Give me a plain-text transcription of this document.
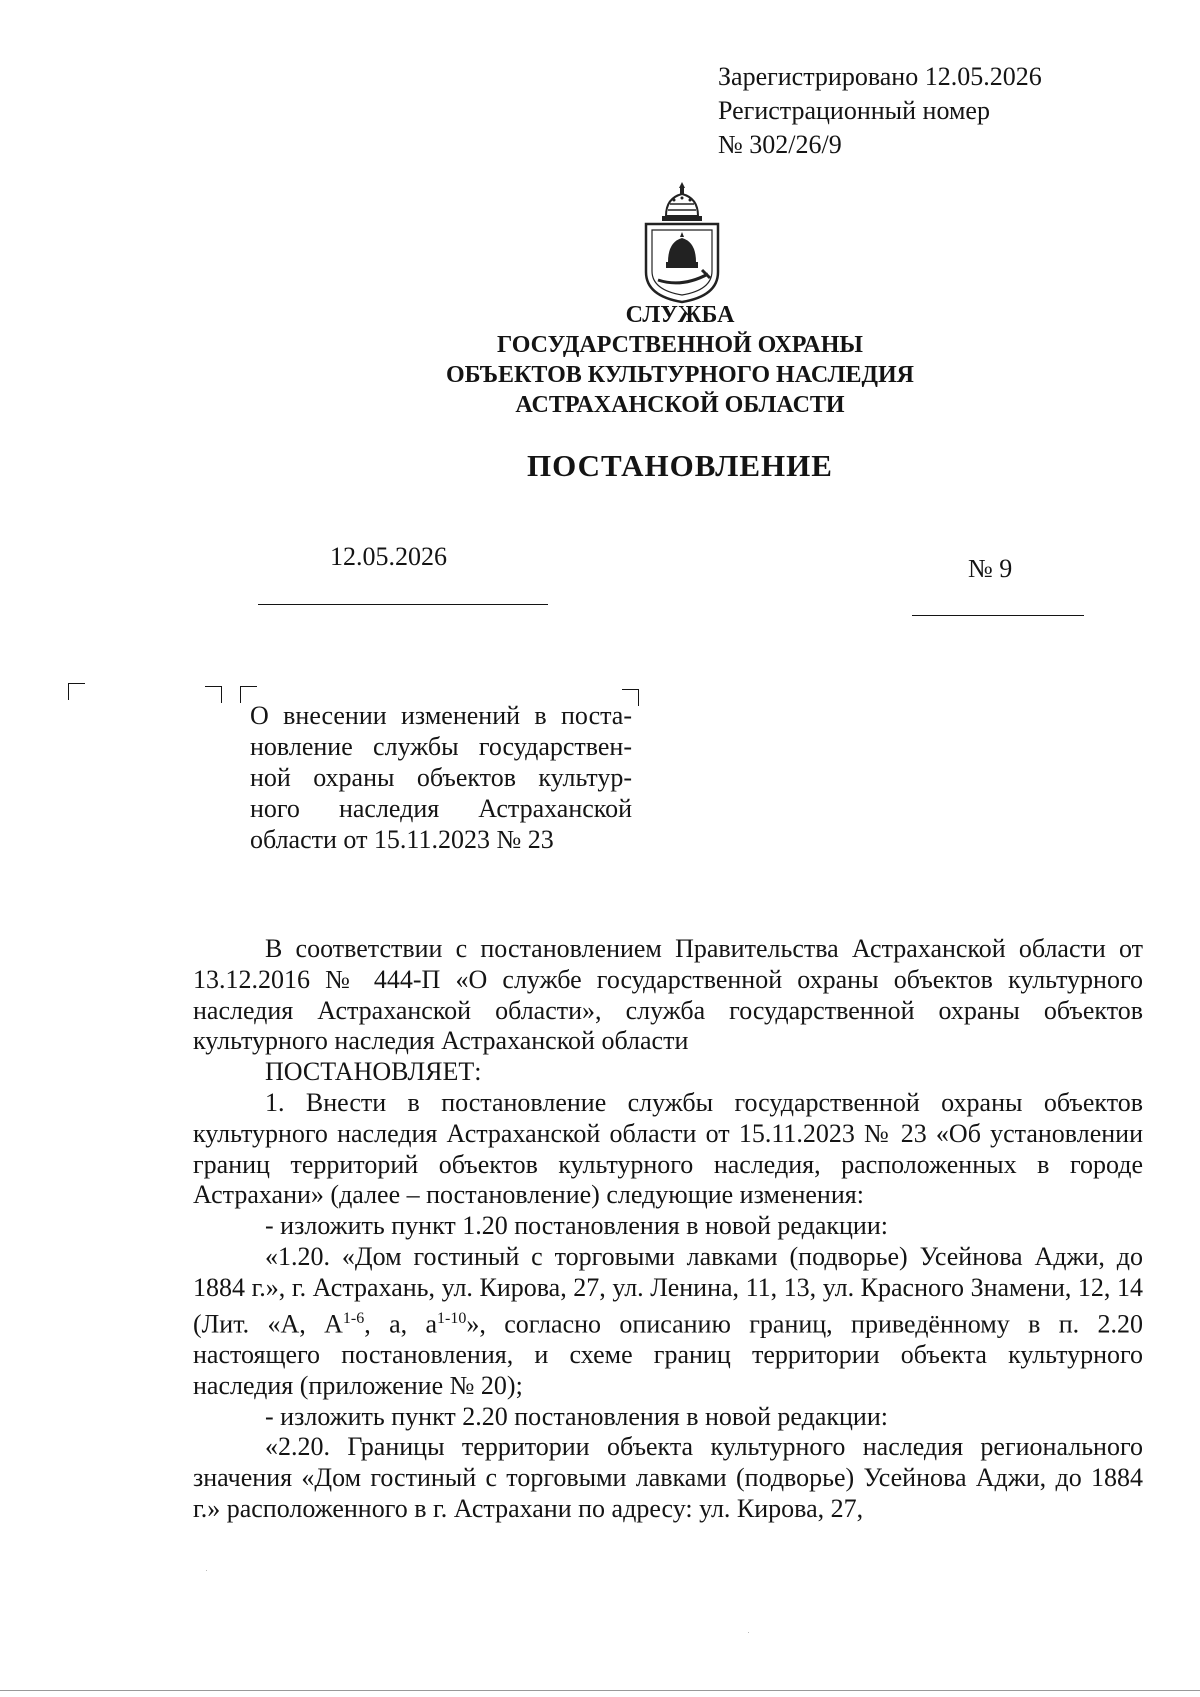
Зарегистрировано 12.05.2026
Регистрационный номер
№ 302/26/9
СЛУЖБА
ГОСУДАРСТВЕННОЙ ОХРАНЫ
ОБЪЕКТОВ КУЛЬТУРНОГО НАСЛЕДИЯ
АСТРАХАНСКОЙ ОБЛАСТИ
ПОСТАНОВЛЕНИЕ
12.05.2026	№ 9
О внесении изменений в поста-
новление службы государствен-
ной охраны объектов культур-
ного наследия Астраханской
области от 15.11.2023 № 23

В соответствии с постановлением Правительства Астраханской области от 13.12.2016 № 444-П «О службе государственной охраны объектов культурного наследия Астраханской области», служба государственной охраны объектов культурного наследия Астраханской области

ПОСТАНОВЛЯЕТ:

1. Внести в постановление службы государственной охраны объектов культурного наследия Астраханской области от 15.11.2023 № 23 «Об установлении границ территорий объектов культурного наследия, расположенных в городе Астрахани» (далее – постановление) следующие изменения:

- изложить пункт 1.20 постановления в новой редакции:

«1.20. «Дом гостиный с торговыми лавками (подворье) Усейнова Аджи, до 1884 г.», г. Астрахань, ул. Кирова, 27, ул. Ленина, 11, 13, ул. Красного Знамени, 12, 14 (Лит. «А, $А^{1-6}$, а, $а^{1-10}$», согласно описанию границ, приведённому в п. 2.20 настоящего постановления, и схеме границ территории объекта культурного наследия (приложение № 20);

- изложить пункт 2.20 постановления в новой редакции:

«2.20. Границы территории объекта культурного наследия регионального значения «Дом гостиный с торговыми лавками (подворье) Усейнова Аджи, до 1884 г.» расположенного в г. Астрахани по адресу: ул. Кирова, 27,
